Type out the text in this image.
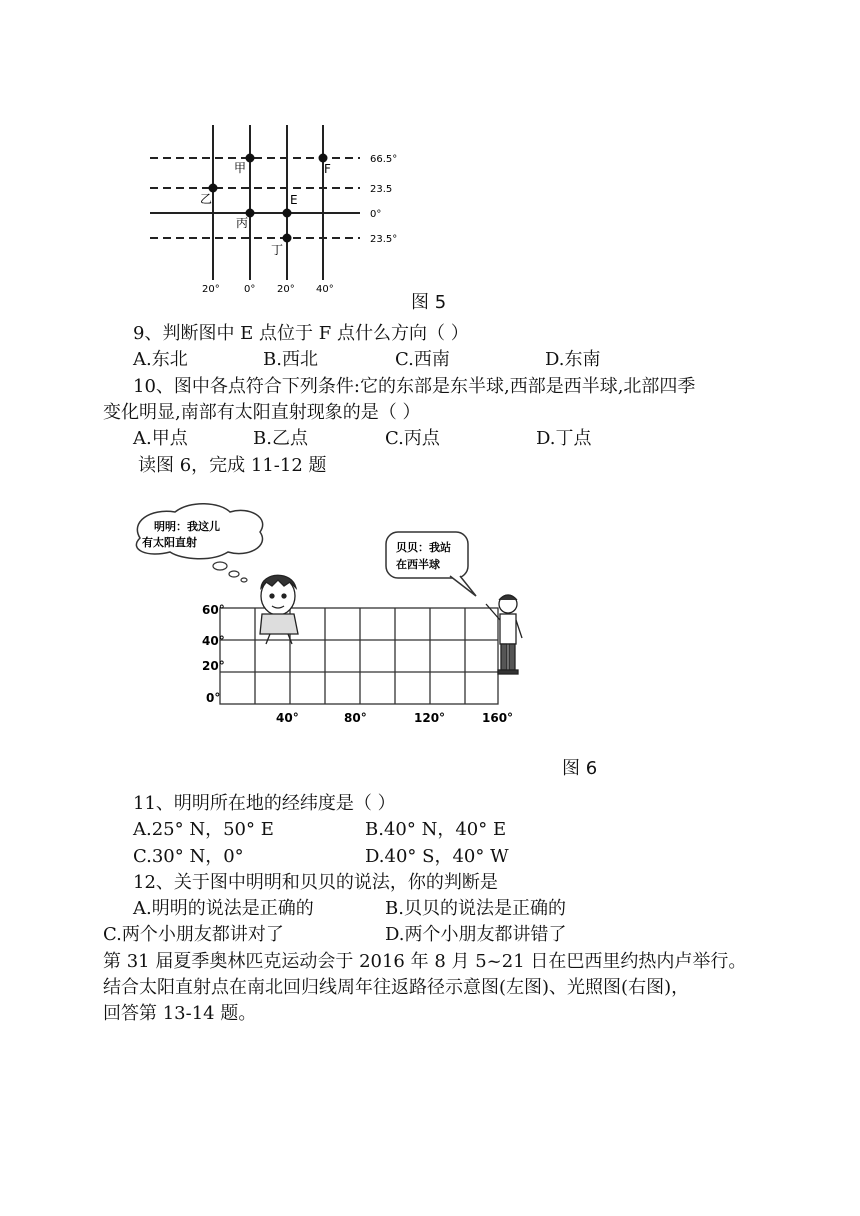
甲	F
乙	E
丙
丁
66.5°
23.5
0°
23.5°
20° 0° 20° 40°
图 5
9、判断图中 E 点位于 F 点什么方向（ ）
A.东北	B.西北	C.西南	D.东南
10、图中各点符合下列条件:它的东部是东半球,西部是西半球,北部四季
变化明显,南部有太阳直射现象的是（ ）
A.甲点	B.乙点	C.丙点	D.丁点
读图 6，完成 11-12 题
明明：我这儿
有太阳直射	贝贝：我站
在西半球
60°
40°
20°
0°
40°	80°	120°	160°
图 6
11、明明所在地的经纬度是（ ）
A.25° N，50° E	B.40° N，40° E
C.30° N，0°	D.40° S，40° W
12、关于图中明明和贝贝的说法，你的判断是
A.明明的说法是正确的	B.贝贝的说法是正确的
C.两个小朋友都讲对了	D.两个小朋友都讲错了
第 31 届夏季奥林匹克运动会于 2016 年 8 月 5~21 日在巴西里约热内卢举行。
结合太阳直射点在南北回归线周年往返路径示意图(左图)、光照图(右图)，
回答第 13-14 题。
